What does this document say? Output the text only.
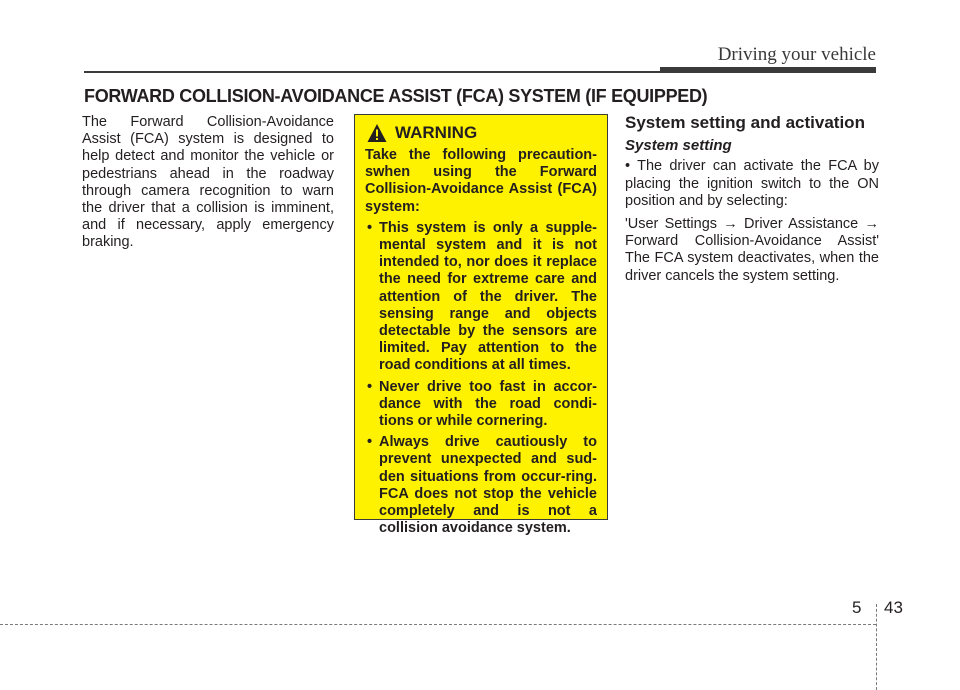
Driving your vehicle
FORWARD COLLISION-AVOIDANCE ASSIST (FCA) SYSTEM (IF EQUIPPED)
The Forward Collision-Avoidance Assist (FCA) system is designed to help detect and monitor the vehicle or pedestrians ahead in the roadway through camera recognition to warn the driver that a collision is imminent, and if necessary, apply emergency braking.
WARNING

Take the following precaution-swhen using the Forward Collision-Avoidance Assist (FCA) system:

• This system is only a supple-mental system and it is not intended to, nor does it replace the need for extreme care and attention of the driver. The sensing range and objects detectable by the sensors are limited. Pay attention to the road conditions at all times.
• Never drive too fast in accor-dance with the road condi-tions or while cornering.
• Always drive cautiously to prevent unexpected and sud-den situations from occur-ring. FCA does not stop the vehicle completely and is not a collision avoidance system.
System setting and activation
System setting

• The driver can activate the FCA by placing the ignition switch to the ON position and by selecting:

'User Settings → Driver Assistance → Forward Collision-Avoidance Assist' The FCA system deactivates, when the driver cancels the system setting.

5 43
